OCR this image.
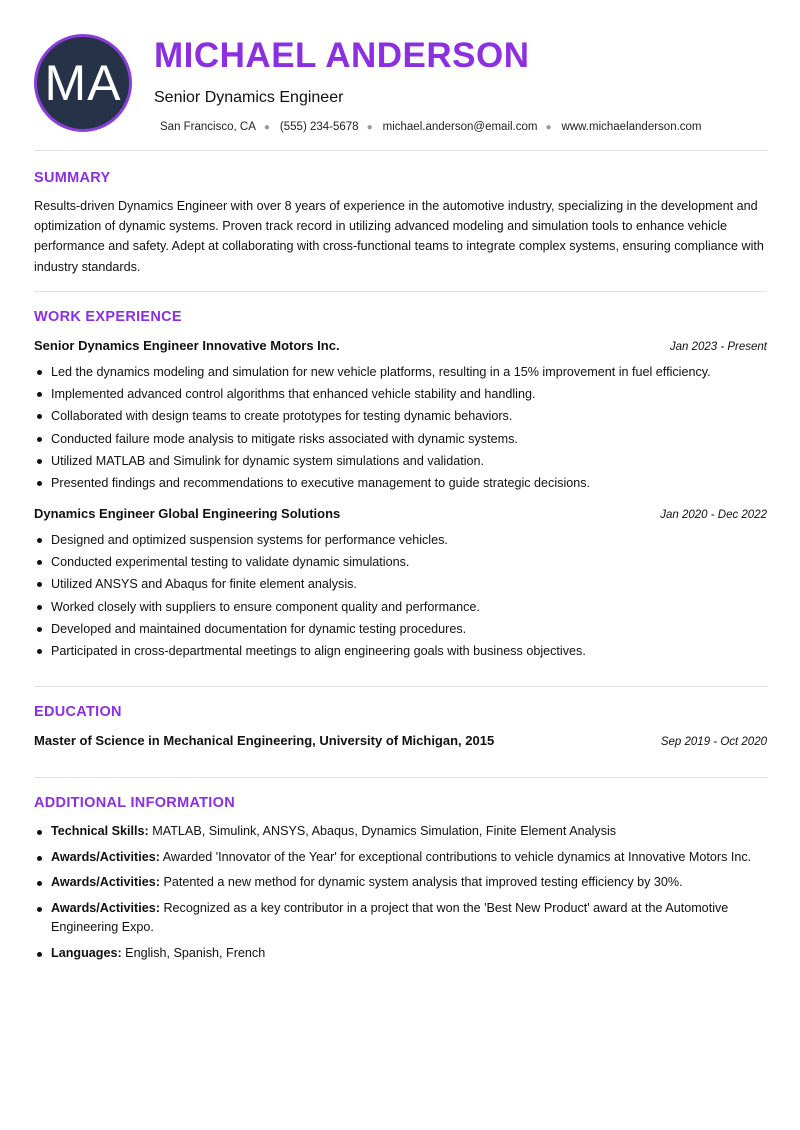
MA MICHAEL ANDERSON
Senior Dynamics Engineer
San Francisco, CA ● (555) 234-5678 ● michael.anderson@email.com ● www.michaelanderson.com
SUMMARY

Results-driven Dynamics Engineer with over 8 years of experience in the automotive industry, specializing in the development and optimization of dynamic systems. Proven track record in utilizing advanced modeling and simulation tools to enhance vehicle performance and safety. Adept at collaborating with cross-functional teams to integrate complex systems, ensuring compliance with industry standards.

WORK EXPERIENCE
Senior Dynamics Engineer Innovative Motors Inc.	Jan 2023 - Present
Led the dynamics modeling and simulation for new vehicle platforms, resulting in a 15% improvement in fuel efficiency.
Implemented advanced control algorithms that enhanced vehicle stability and handling.
Collaborated with design teams to create prototypes for testing dynamic behaviors.
Conducted failure mode analysis to mitigate risks associated with dynamic systems.
Utilized MATLAB and Simulink for dynamic system simulations and validation.
Presented findings and recommendations to executive management to guide strategic decisions.
Dynamics Engineer Global Engineering Solutions	Jan 2020 - Dec 2022
Designed and optimized suspension systems for performance vehicles.
Conducted experimental testing to validate dynamic simulations.
Utilized ANSYS and Abaqus for finite element analysis.
Worked closely with suppliers to ensure component quality and performance.
Developed and maintained documentation for dynamic testing procedures.
Participated in cross-departmental meetings to align engineering goals with business objectives.
EDUCATION
Master of Science in Mechanical Engineering, University of Michigan, 2015	Sep 2019 - Oct 2020
ADDITIONAL INFORMATION
Technical Skills: MATLAB, Simulink, ANSYS, Abaqus, Dynamics Simulation, Finite Element Analysis
Awards/Activities: Awarded 'Innovator of the Year' for exceptional contributions to vehicle dynamics at Innovative Motors Inc.
Awards/Activities: Patented a new method for dynamic system analysis that improved testing efficiency by 30%.
Awards/Activities: Recognized as a key contributor in a project that won the 'Best New Product' award at the Automotive Engineering Expo.
Languages: English, Spanish, French
